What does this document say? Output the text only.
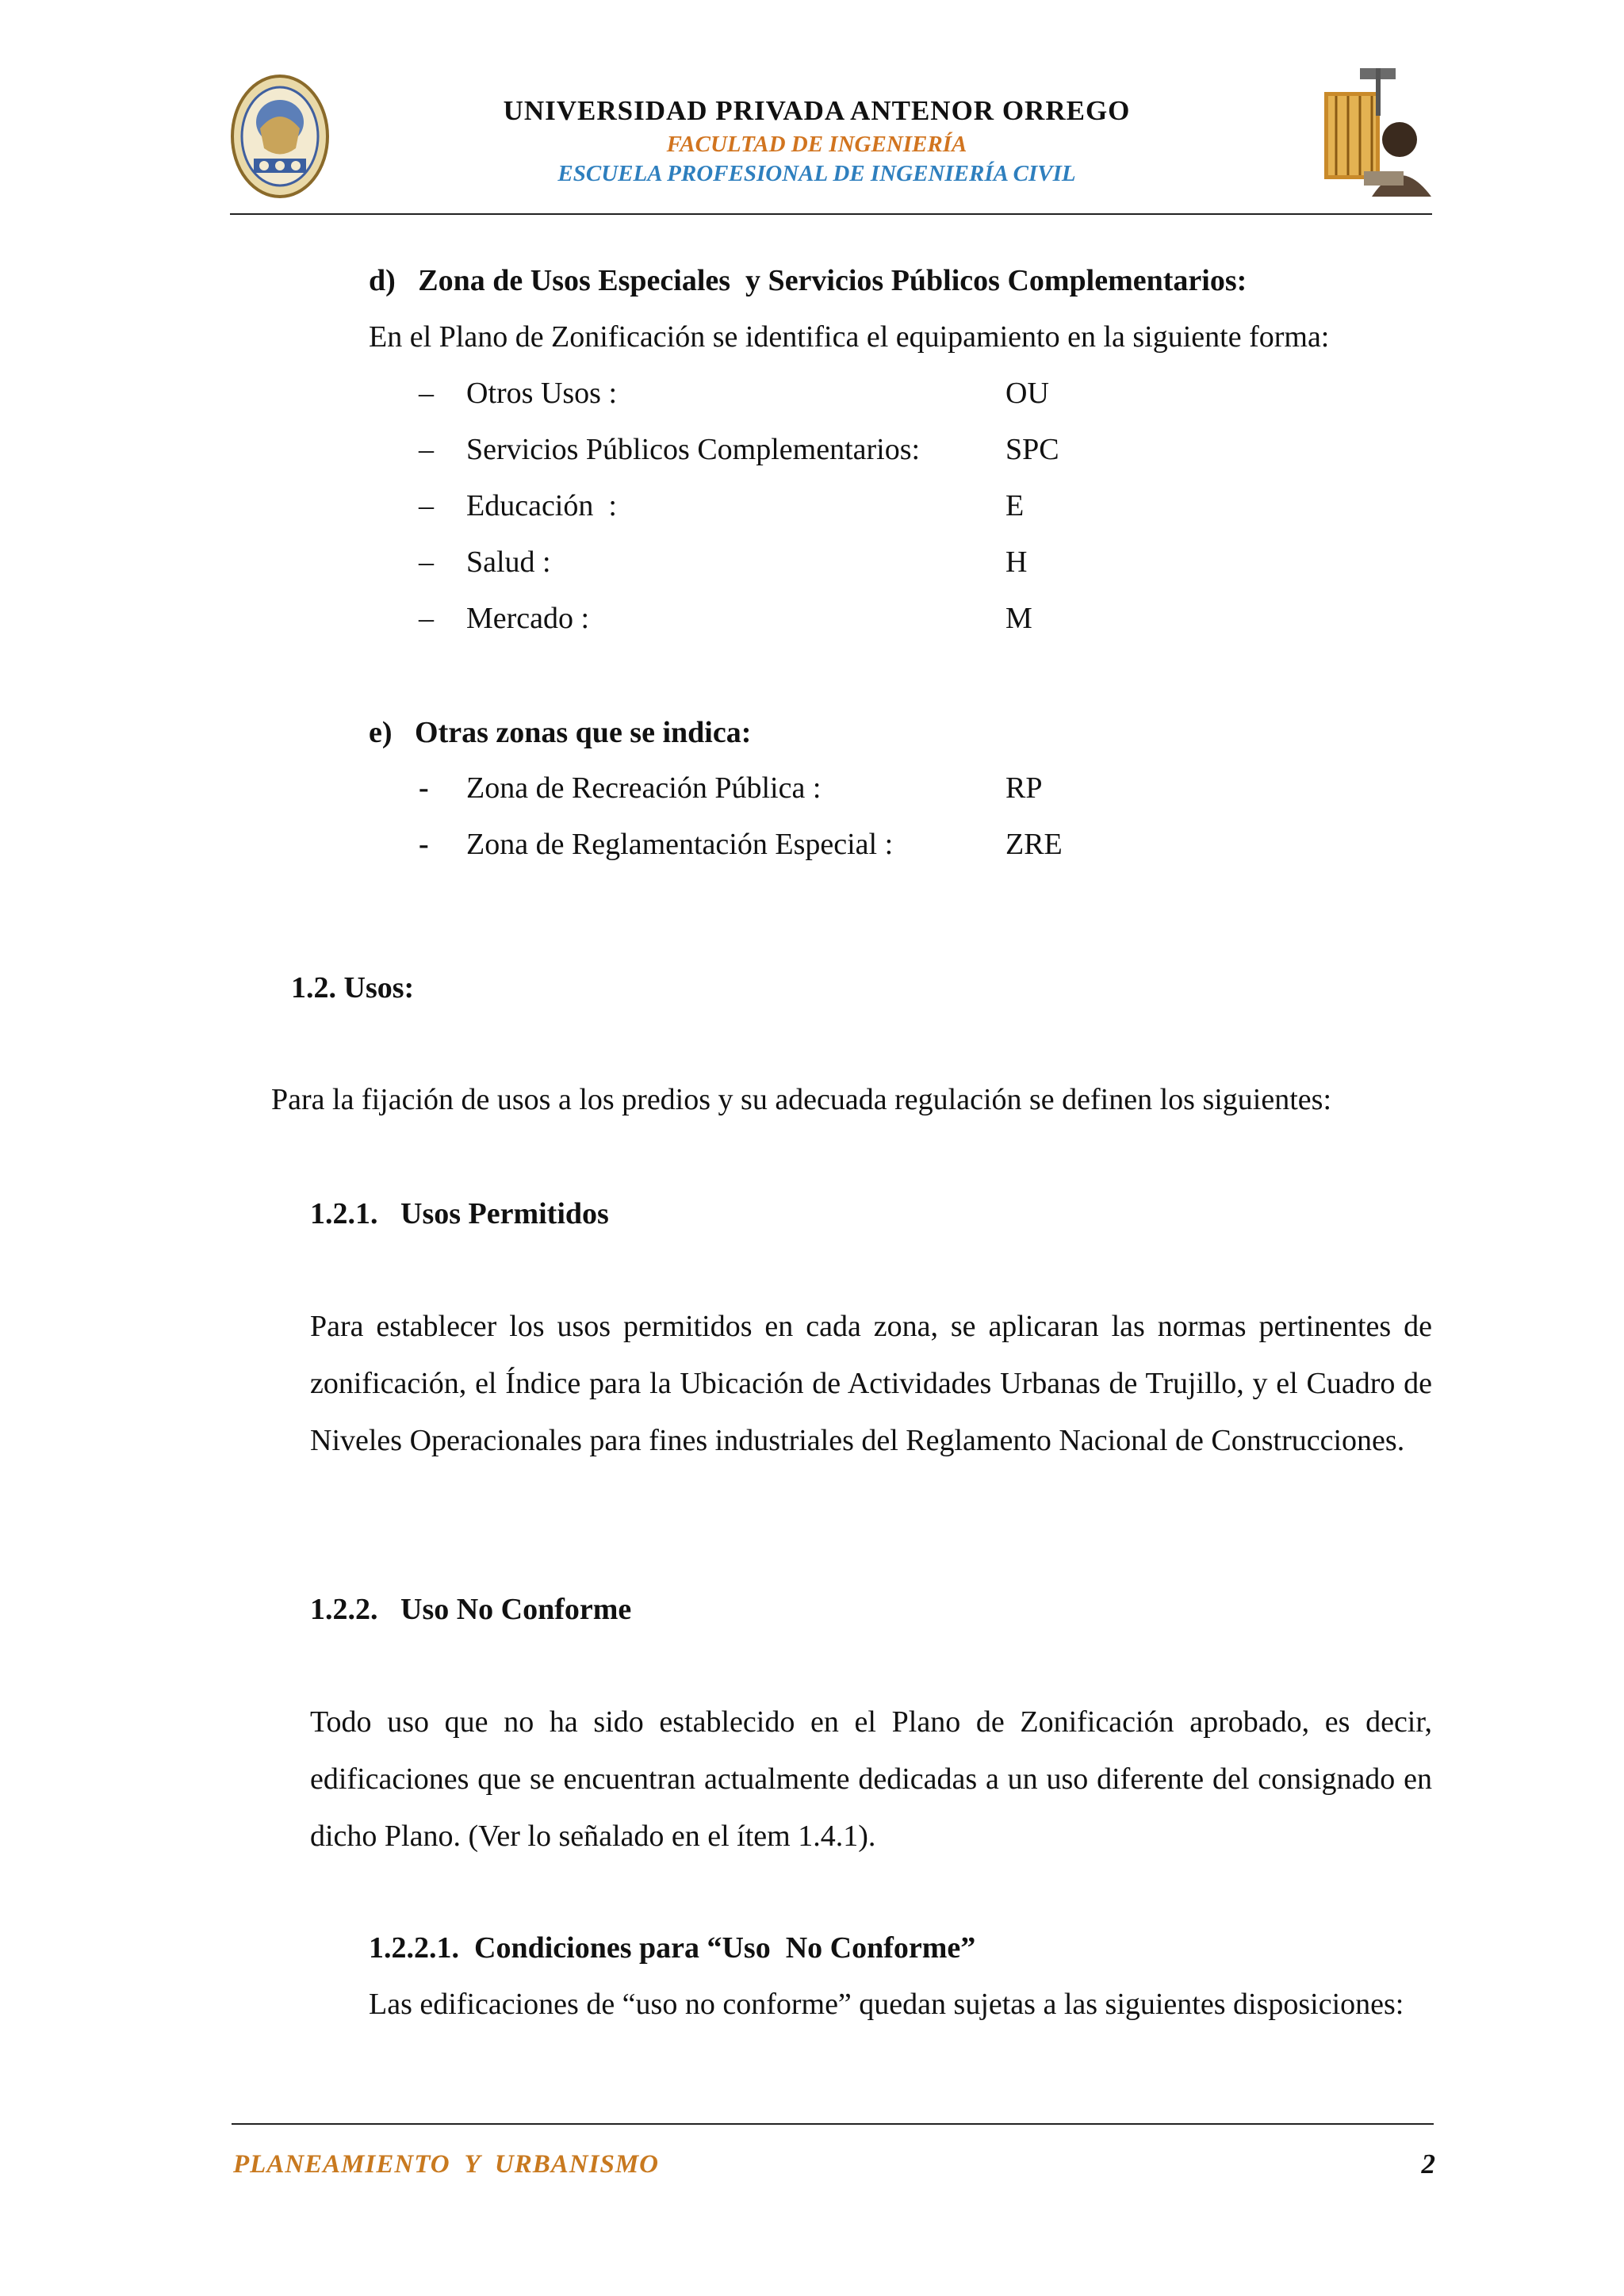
UNIVERSIDAD PRIVADA ANTENOR ORREGO
FACULTAD DE INGENIERÍA
ESCUELA PROFESIONAL DE INGENIERÍA CIVIL
d)   Zona de Usos Especiales  y Servicios Públicos Complementarios:
En el Plano de Zonificación se identifica el equipamiento en la siguiente forma:
– Otros Usos :	OU
– Servicios Públicos Complementarios:	SPC
– Educación  :	E
– Salud :	H
– Mercado :	M
e)   Otras zonas que se indica:
- Zona de Recreación Pública :	RP
- Zona de Reglamentación Especial :	ZRE
1.2. Usos:
Para la fijación de usos a los predios y su adecuada regulación se definen los siguientes:
1.2.1.   Usos Permitidos
Para establecer los usos permitidos en cada zona, se aplicaran las normas pertinentes de zonificación, el Índice para la Ubicación de Actividades Urbanas de Trujillo, y el Cuadro de Niveles Operacionales para fines industriales del Reglamento Nacional de Construcciones.
1.2.2.   Uso No Conforme
Todo uso que no ha sido establecido en el Plano de Zonificación aprobado, es decir, edificaciones que se encuentran actualmente dedicadas a un uso diferente del consignado en dicho Plano. (Ver lo señalado en el ítem 1.4.1).
1.2.2.1.  Condiciones para “Uso  No Conforme”
Las edificaciones de “uso no conforme” quedan sujetas a las siguientes disposiciones:
PLANEAMIENTO  Y  URBANISMO	2
